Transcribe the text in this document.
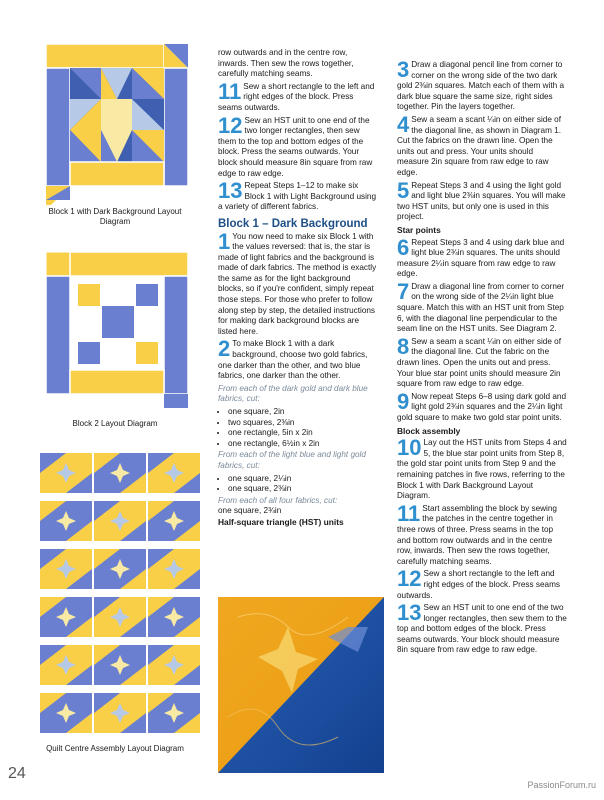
Block 1 with Dark Background Layout Diagram
Block 2 Layout Diagram
Quilt Centre Assembly Layout Diagram

row outwards and in the centre row, inwards. Then sew the rows together, carefully matching seams.

11 Sew a short rectangle to the left and right edges of the block. Press seams outwards.

12 Sew an HST unit to one end of the two longer rectangles, then sew them to the top and bottom edges of the block. Press the seams outwards. Your block should measure 8in square from raw edge to raw edge.

13 Repeat Steps 1–12 to make six Block 1 with Light Background using a variety of different fabrics.

Block 1 – Dark Background

1 You now need to make six Block 1 with the values reversed: that is, the star is made of light fabrics and the background is made of dark fabrics. The method is exactly the same as for the light background blocks, so if you're confident, simply repeat those steps. For those who prefer to follow along step by step, the detailed instructions for making dark background blocks are listed here.

2 To make Block 1 with a dark background, choose two gold fabrics, one darker than the other, and two blue fabrics, one darker than the other.

From each of the dark gold and dark blue fabrics, cut:

• one square, 2in
• two squares, 2⅜in
• one rectangle, 5in x 2in
• one rectangle, 6½in x 2in

From each of the light blue and light gold fabrics, cut:

• one square, 2¼in
• one square, 2⅜in

From each of all four fabrics, cut:

one square, 2¾in

Half-square triangle (HST) units

3 Draw a diagonal pencil line from corner to corner on the wrong side of the two dark gold 2⅜in squares. Match each of them with a dark blue square the same size, right sides together. Pin the layers together.

4 Sew a seam a scant ¼in on either side of the diagonal line, as shown in Diagram 1. Cut the fabrics on the drawn line. Open the units out and press. Your units should measure 2in square from raw edge to raw edge.

5 Repeat Steps 3 and 4 using the light gold and light blue 2⅜in squares. You will make two HST units, but only one is used in this project.

Star points

6 Repeat Steps 3 and 4 using dark blue and light blue 2¾in squares. The units should measure 2¼in square from raw edge to raw edge.

7 Draw a diagonal line from corner to corner on the wrong side of the 2¼in light blue square. Match this with an HST unit from Step 6, with the diagonal line perpendicular to the seam line on the HST units. See Diagram 2.

8 Sew a seam a scant ¼in on either side of the diagonal line. Cut the fabric on the drawn lines. Open the units out and press. Your blue star point units should measure 2in square from raw edge to raw edge.

9 Now repeat Steps 6–8 using dark gold and light gold 2¾in squares and the 2¼in light gold square to make two gold star point units.

Block assembly

10 Lay out the HST units from Steps 4 and 5, the blue star point units from Step 8, the gold star point units from Step 9 and the remaining patches in five rows, referring to the Block 1 with Dark Background Layout Diagram.

11 Start assembling the block by sewing the patches in the centre together in three rows of three. Press seams in the top and bottom row outwards and in the centre row, inwards. Then sew the rows together, carefully matching seams.

12 Sew a short rectangle to the left and right edges of the block. Press seams outwards.

13 Sew an HST unit to one end of the two longer rectangles, then sew them to the top and bottom edges of the block. Press seams outwards. Your block should measure 8in square from raw edge to raw edge.

24
PassionForum.ru
